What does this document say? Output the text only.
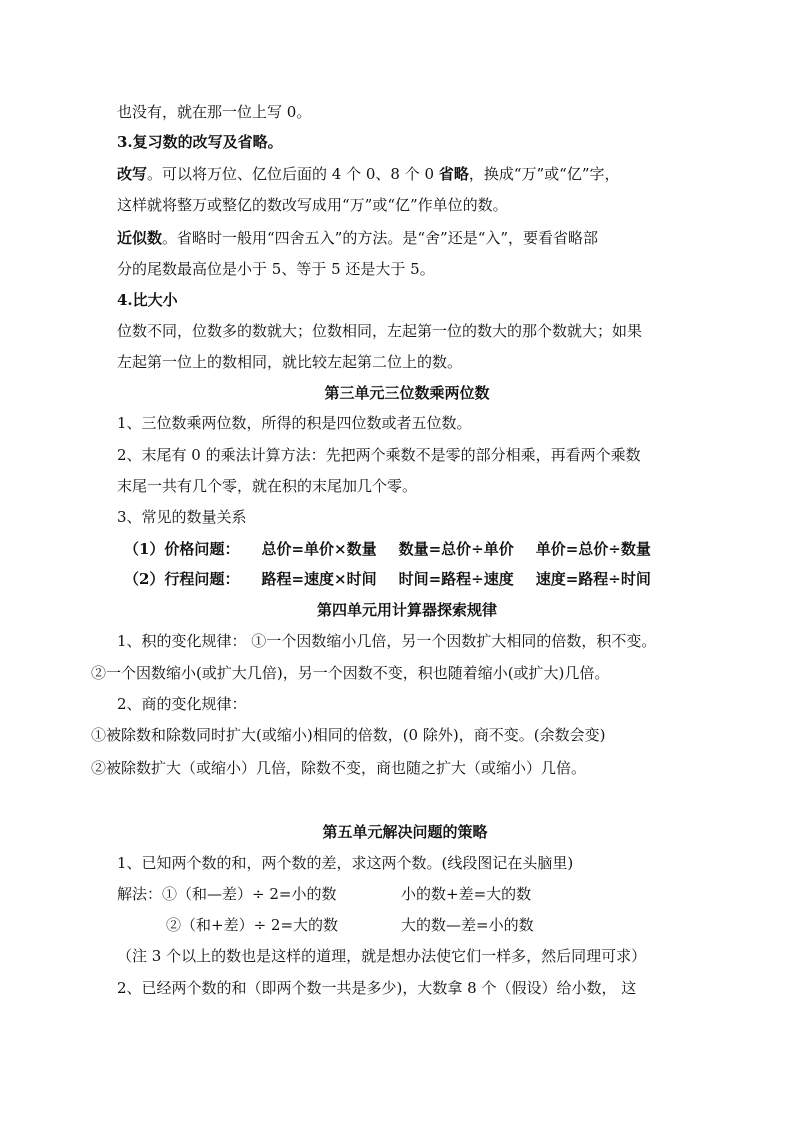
也没有，就在那一位上写 0。
3.复习数的改写及省略。
改写。可以将万位、亿位后面的 4 个 0、8 个 0 省略，换成“万”或“亿”字，
这样就将整万或整亿的数改写成用“万”或“亿”作单位的数。
近似数。省略时一般用“四舍五入”的方法。是“舍”还是“入”，要看省略部
分的尾数最高位是小于 5、等于 5 还是大于 5。
4.比大小
位数不同，位数多的数就大；位数相同，左起第一位的数大的那个数就大；如果
左起第一位上的数相同，就比较左起第二位上的数。
第三单元三位数乘两位数
1、三位数乘两位数，所得的积是四位数或者五位数。
2、末尾有 0 的乘法计算方法：先把两个乘数不是零的部分相乘，再看两个乘数
末尾一共有几个零，就在积的末尾加几个零。
3、常见的数量关系
（1）价格问题： 总价=单价×数量 数量=总价÷单价 单价=总价÷数量
（2）行程问题： 路程=速度×时间 时间=路程÷速度 速度=路程÷时间
第四单元用计算器探索规律
1、积的变化规律： ①一个因数缩小几倍，另一个因数扩大相同的倍数，积不变。
②一个因数缩小(或扩大几倍)，另一个因数不变，积也随着缩小(或扩大)几倍。
2、商的变化规律：
①被除数和除数同时扩大(或缩小)相同的倍数，(0 除外)，商不变。(余数会变)
②被除数扩大（或缩小）几倍，除数不变，商也随之扩大（或缩小）几倍。
第五单元解决问题的策略
1、已知两个数的和，两个数的差，求这两个数。(线段图记在头脑里)
解法：①（和—差）÷ 2=小的数	小的数+差=大的数
②（和+差）÷ 2=大的数	大的数—差=小的数
（注 3 个以上的数也是这样的道理，就是想办法使它们一样多，然后同理可求）
2、已经两个数的和（即两个数一共是多少)，大数拿 8 个（假设）给小数， 这
